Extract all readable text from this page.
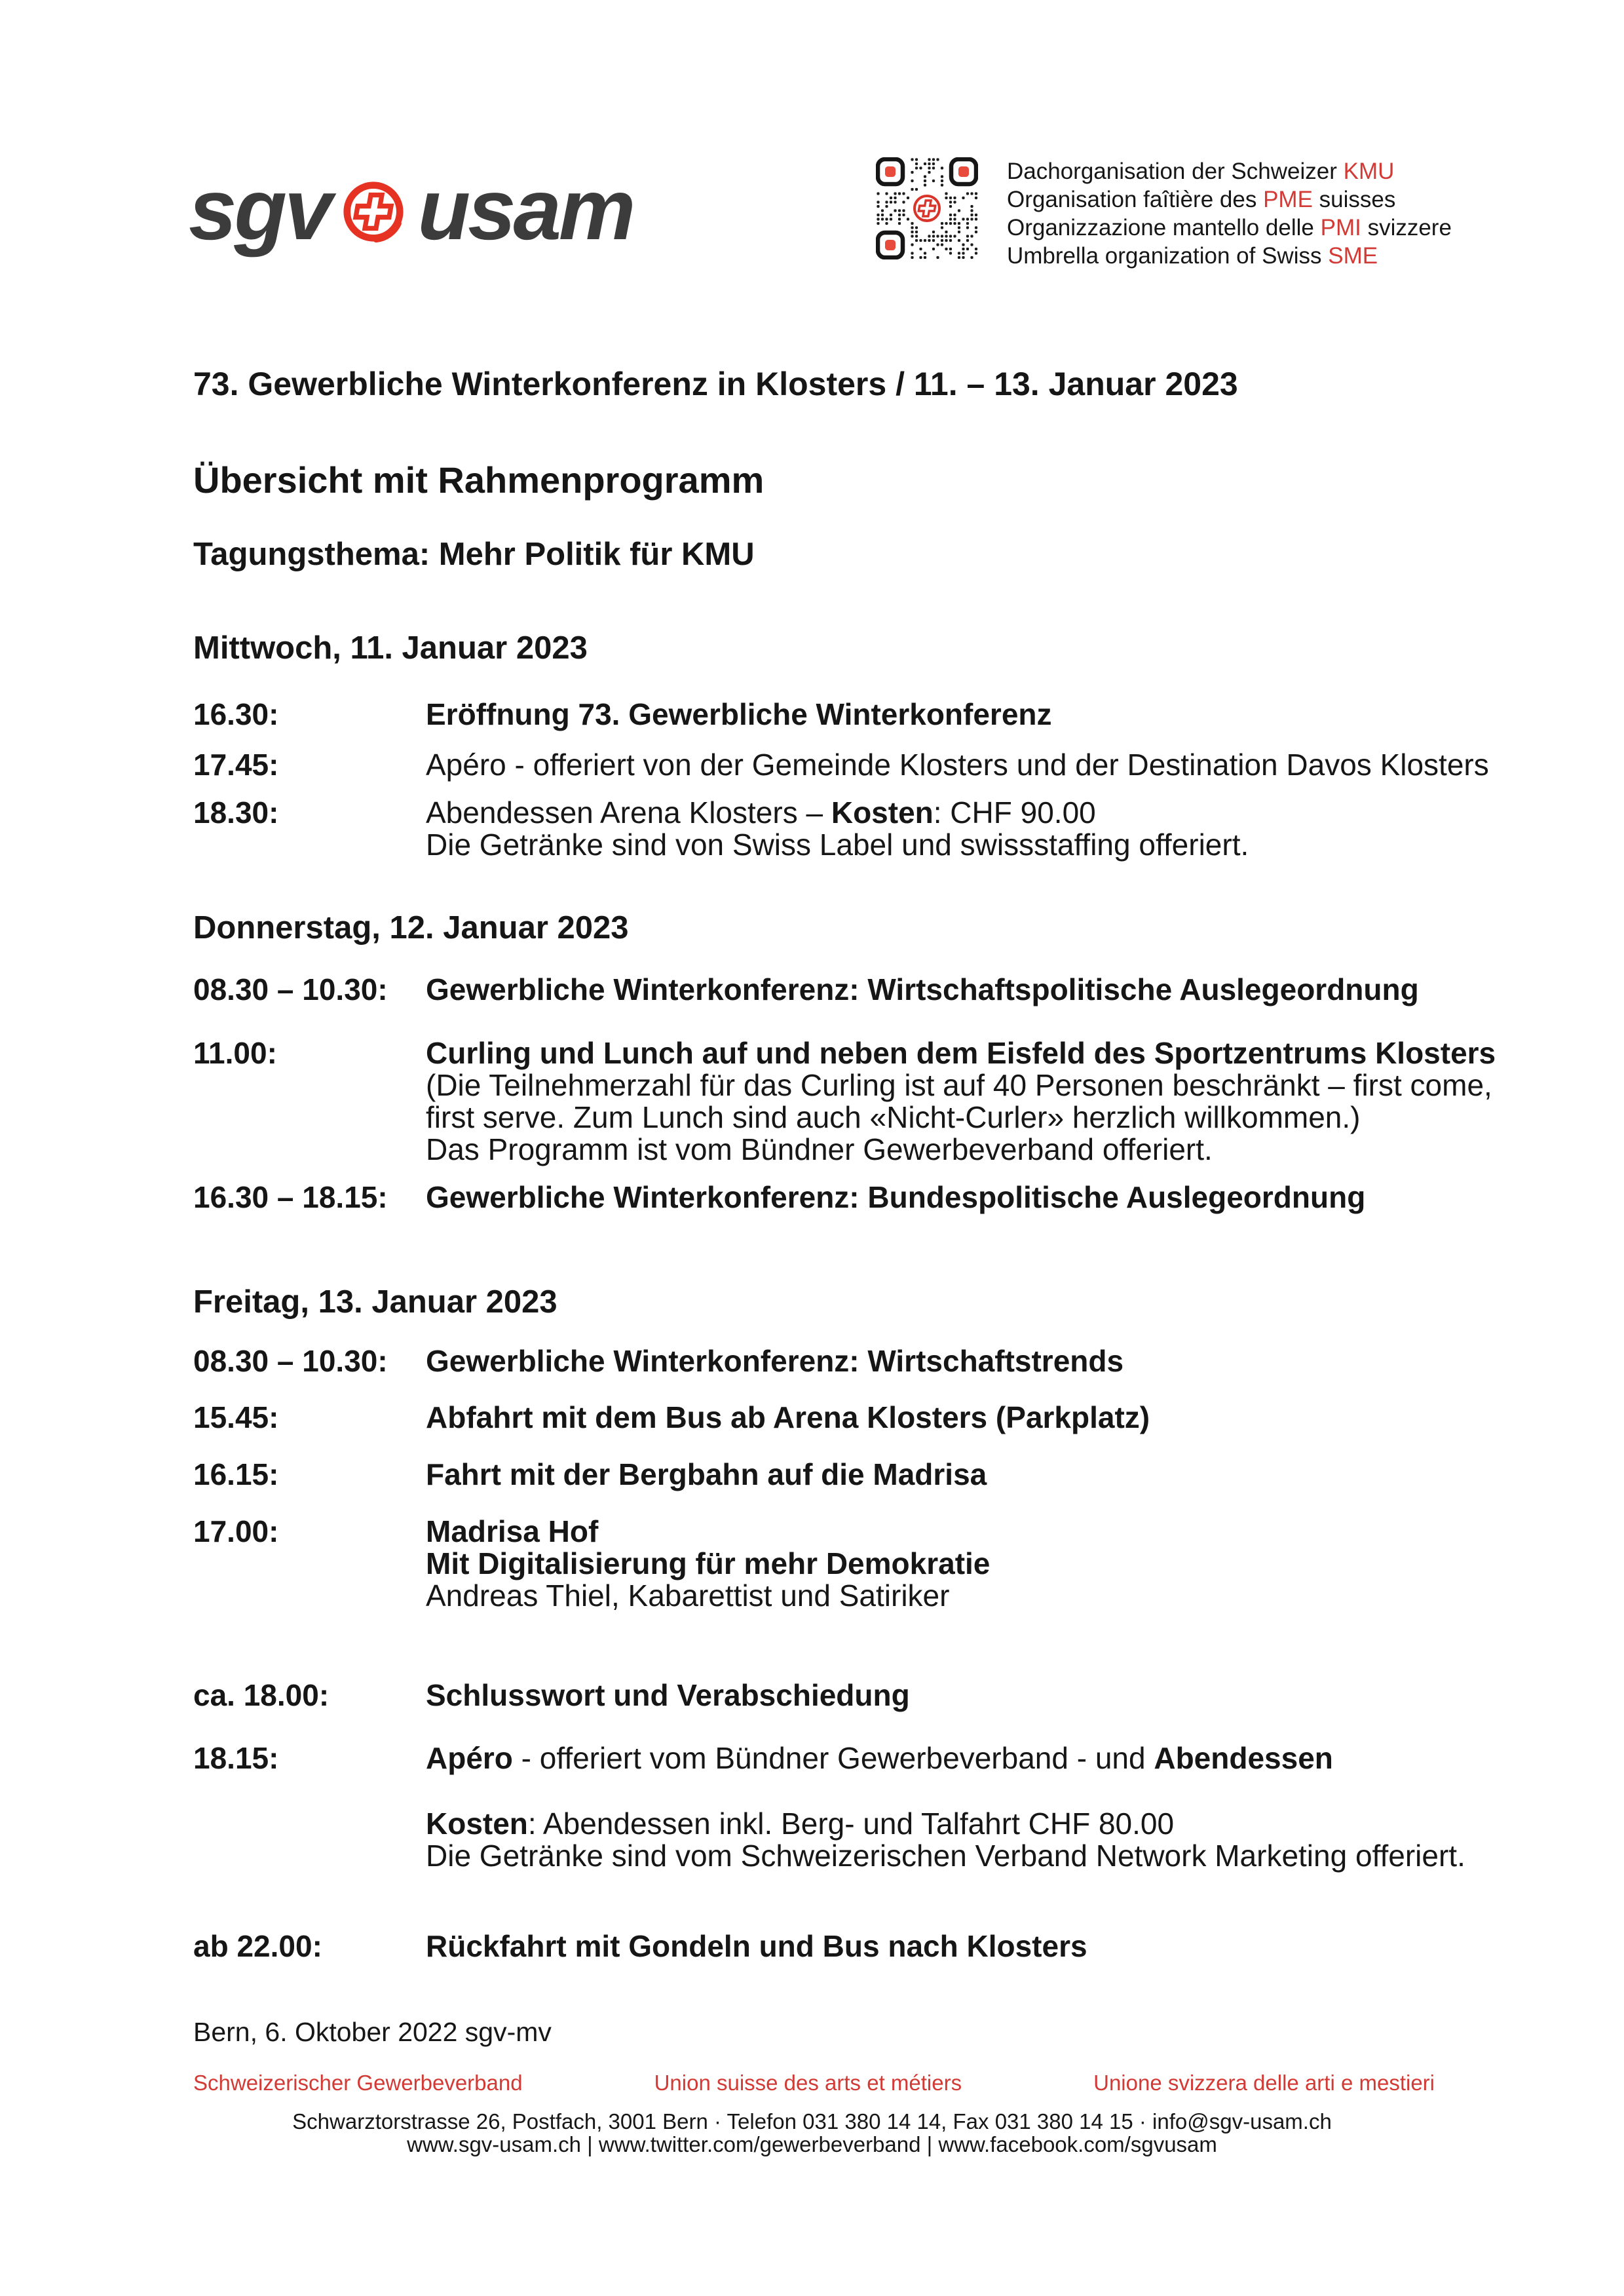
sgv usam	Dachorganisation der Schweizer KMU
Organisation faîtière des PME suisses
Organizzazione mantello delle PMI svizzere
Umbrella organization of Swiss SME
73. Gewerbliche Winterkonferenz in Klosters / 11. – 13. Januar 2023
Übersicht mit Rahmenprogramm
Tagungsthema: Mehr Politik für KMU
Mittwoch, 11. Januar 2023
16.30:	Eröffnung 73. Gewerbliche Winterkonferenz
17.45:	Apéro - offeriert von der Gemeinde Klosters und der Destination Davos Klosters
18.30:	Abendessen Arena Klosters – Kosten: CHF 90.00
Die Getränke sind von Swiss Label und swissstaffing offeriert.
Donnerstag, 12. Januar 2023
08.30 – 10.30: Gewerbliche Winterkonferenz: Wirtschaftspolitische Auslegeordnung
11.00:	Curling und Lunch auf und neben dem Eisfeld des Sportzentrums Klosters
(Die Teilnehmerzahl für das Curling ist auf 40 Personen beschränkt – first come,
first serve. Zum Lunch sind auch «Nicht-Curler» herzlich willkommen.)
Das Programm ist vom Bündner Gewerbeverband offeriert.
16.30 – 18.15: Gewerbliche Winterkonferenz: Bundespolitische Auslegeordnung
Freitag, 13. Januar 2023
08.30 – 10.30: Gewerbliche Winterkonferenz: Wirtschaftstrends
15.45:	Abfahrt mit dem Bus ab Arena Klosters (Parkplatz)
16.15:	Fahrt mit der Bergbahn auf die Madrisa
17.00:	Madrisa Hof
Mit Digitalisierung für mehr Demokratie
Andreas Thiel, Kabarettist und Satiriker
ca. 18.00:	Schlusswort und Verabschiedung
18.15:	Apéro - offeriert vom Bündner Gewerbeverband - und Abendessen
Kosten: Abendessen inkl. Berg- und Talfahrt CHF 80.00
Die Getränke sind vom Schweizerischen Verband Network Marketing offeriert.
ab 22.00:	Rückfahrt mit Gondeln und Bus nach Klosters
Bern, 6. Oktober 2022 sgv-mv
Schweizerischer Gewerbeverband	Union suisse des arts et métiers	Unione svizzera delle arti e mestieri
Schwarztorstrasse 26, Postfach, 3001 Bern · Telefon 031 380 14 14, Fax 031 380 14 15 · info@sgv-usam.ch
www.sgv-usam.ch | www.twitter.com/gewerbeverband | www.facebook.com/sgvusam
